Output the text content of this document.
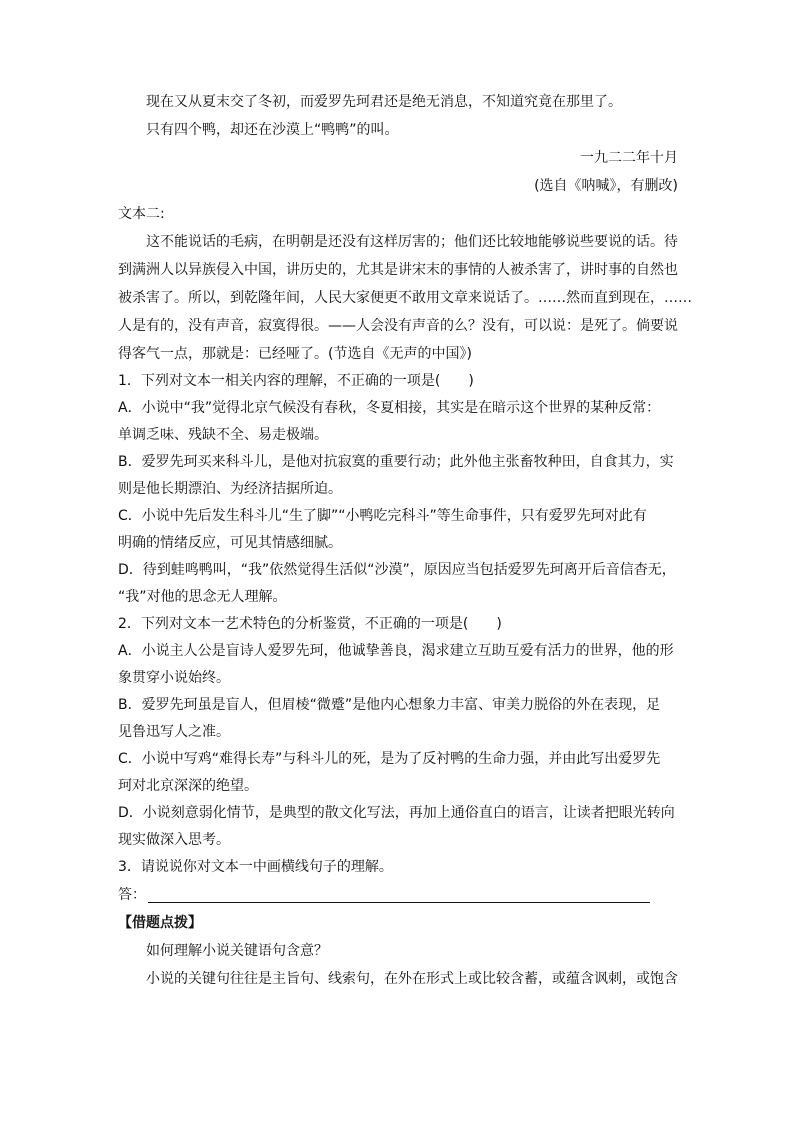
现在又从夏末交了冬初，而爱罗先珂君还是绝无消息，不知道究竟在那里了。
只有四个鸭，却还在沙漠上“鸭鸭”的叫。
一九二二年十月
(选自《呐喊》，有删改)
文本二:
这不能说话的毛病，在明朝是还没有这样厉害的；他们还比较地能够说些要说的话。待
到满洲人以异族侵入中国，讲历史的，尤其是讲宋末的事情的人被杀害了，讲时事的自然也
被杀害了。所以，到乾隆年间，人民大家便更不敢用文章来说话了。……然而直到现在，……
人是有的，没有声音，寂寞得很。——人会没有声音的么？没有，可以说：是死了。倘要说
得客气一点，那就是：已经哑了。(节选自《无声的中国》)
1．下列对文本一相关内容的理解，不正确的一项是(　　)
A．小说中“我”觉得北京气候没有春秋，冬夏相接，其实是在暗示这个世界的某种反常：
单调乏味、残缺不全、易走极端。
B．爱罗先珂买来科斗儿，是他对抗寂寞的重要行动；此外他主张畜牧种田，自食其力，实
则是他长期漂泊、为经济拮据所迫。
C．小说中先后发生科斗儿“生了脚”“小鸭吃完科斗”等生命事件，只有爱罗先珂对此有
明确的情绪反应，可见其情感细腻。
D．待到蛙鸣鸭叫，“我”依然觉得生活似“沙漠”，原因应当包括爱罗先珂离开后音信杳无，
“我”对他的思念无人理解。
2．下列对文本一艺术特色的分析鉴赏，不正确的一项是(　　)
A．小说主人公是盲诗人爱罗先珂，他诚挚善良，渴求建立互助互爱有活力的世界，他的形
象贯穿小说始终。
B．爱罗先珂虽是盲人，但眉棱“微蹙”是他内心想象力丰富、审美力脱俗的外在表现，足
见鲁迅写人之准。
C．小说中写鸡“难得长寿”与科斗儿的死，是为了反衬鸭的生命力强，并由此写出爱罗先
珂对北京深深的绝望。
D．小说刻意弱化情节，是典型的散文化写法，再加上通俗直白的语言，让读者把眼光转向
现实做深入思考。
3．请说说你对文本一中画横线句子的理解。
答：
【借题点拨】
如何理解小说关键语句含意？
小说的关键句往往是主旨句、线索句，在外在形式上或比较含蓄，或蕴含讽刺，或饱含
